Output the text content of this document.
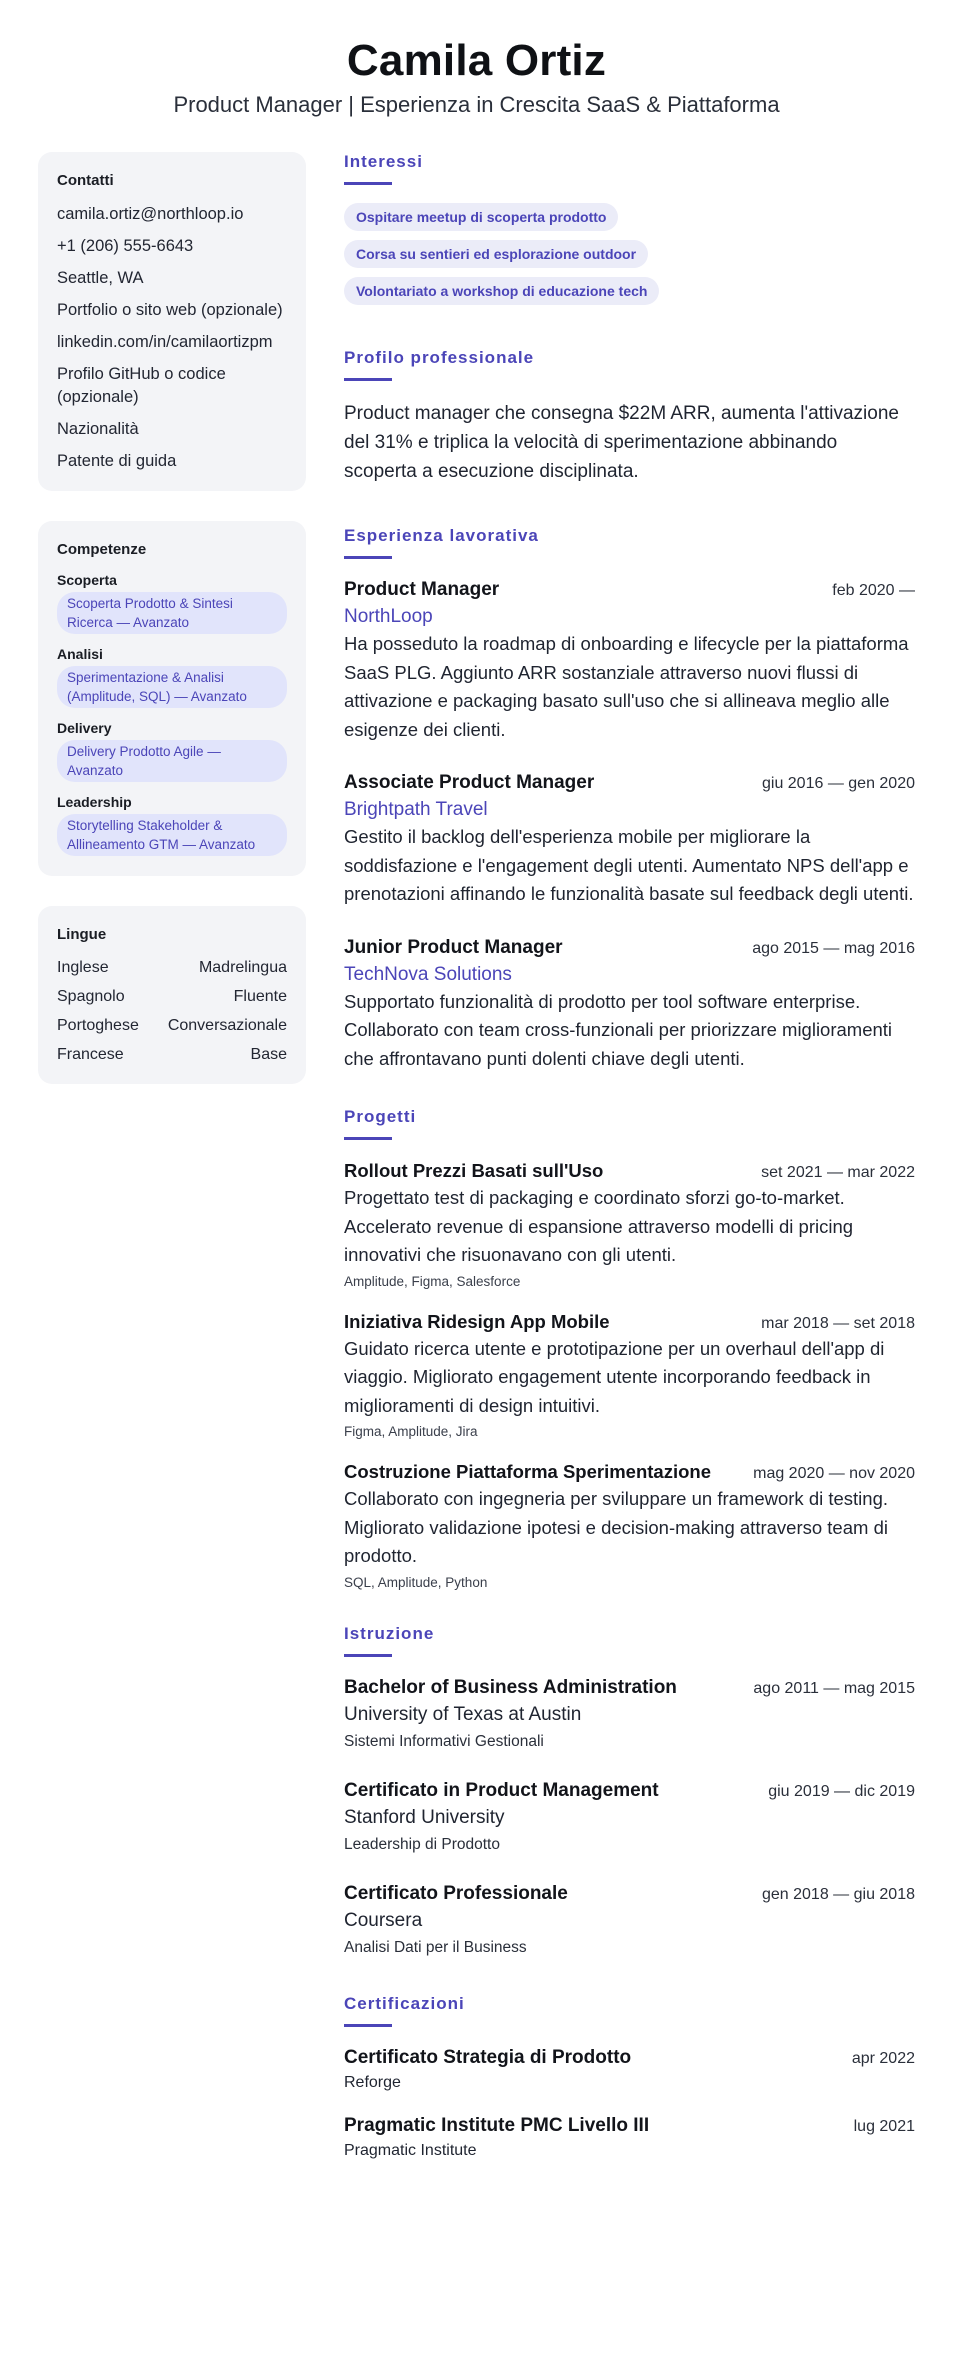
Camila Ortiz
Product Manager | Esperienza in Crescita SaaS & Piattaforma
Contatti
camila.ortiz@northloop.io
+1 (206) 555-6643
Seattle, WA
Portfolio o sito web (opzionale)
linkedin.com/in/camilaortizpm
Profilo GitHub o codice (opzionale)
Nazionalità
Patente di guida
Competenze
Scoperta
Scoperta Prodotto & Sintesi Ricerca — Avanzato
Analisi
Sperimentazione & Analisi (Amplitude, SQL) — Avanzato
Delivery
Delivery Prodotto Agile — Avanzato
Leadership
Storytelling Stakeholder & Allineamento GTM — Avanzato
Lingue
Inglese	Madrelingua
Spagnolo	Fluente
Portoghese Conversazionale
Francese	Base
Interessi
Ospitare meetup di scoperta prodotto
Corsa su sentieri ed esplorazione outdoor
Volontariato a workshop di educazione tech
Profilo professionale
Product manager che consegna $22M ARR, aumenta l'attivazione del 31% e triplica la velocità di sperimentazione abbinando scoperta a esecuzione disciplinata.
Esperienza lavorativa
Product Manager	feb 2020 —
NorthLoop
Ha posseduto la roadmap di onboarding e lifecycle per la piattaforma SaaS PLG. Aggiunto ARR sostanziale attraverso nuovi flussi di attivazione e packaging basato sull'uso che si allineava meglio alle esigenze dei clienti.
Associate Product Manager	giu 2016 — gen 2020
Brightpath Travel
Gestito il backlog dell'esperienza mobile per migliorare la soddisfazione e l'engagement degli utenti. Aumentato NPS dell'app e prenotazioni affinando le funzionalità basate sul feedback degli utenti.
Junior Product Manager	ago 2015 — mag 2016
TechNova Solutions
Supportato funzionalità di prodotto per tool software enterprise. Collaborato con team cross-funzionali per priorizzare miglioramenti che affrontavano punti dolenti chiave degli utenti.
Progetti
Rollout Prezzi Basati sull'Uso	set 2021 — mar 2022
Progettato test di packaging e coordinato sforzi go-to-market. Accelerato revenue di espansione attraverso modelli di pricing innovativi che risuonavano con gli utenti.
Amplitude, Figma, Salesforce
Iniziativa Ridesign App Mobile	mar 2018 — set 2018
Guidato ricerca utente e prototipazione per un overhaul dell'app di viaggio. Migliorato engagement utente incorporando feedback in miglioramenti di design intuitivi.
Figma, Amplitude, Jira
Costruzione Piattaforma Sperimentazione	mag 2020 — nov 2020
Collaborato con ingegneria per sviluppare un framework di testing. Migliorato validazione ipotesi e decision-making attraverso team di prodotto.
SQL, Amplitude, Python
Istruzione
Bachelor of Business Administration	ago 2011 — mag 2015
University of Texas at Austin
Sistemi Informativi Gestionali
Certificato in Product Management	giu 2019 — dic 2019
Stanford University
Leadership di Prodotto
Certificato Professionale	gen 2018 — giu 2018
Coursera
Analisi Dati per il Business
Certificazioni
Certificato Strategia di Prodotto	apr 2022
Reforge
Pragmatic Institute PMC Livello III	lug 2021
Pragmatic Institute
